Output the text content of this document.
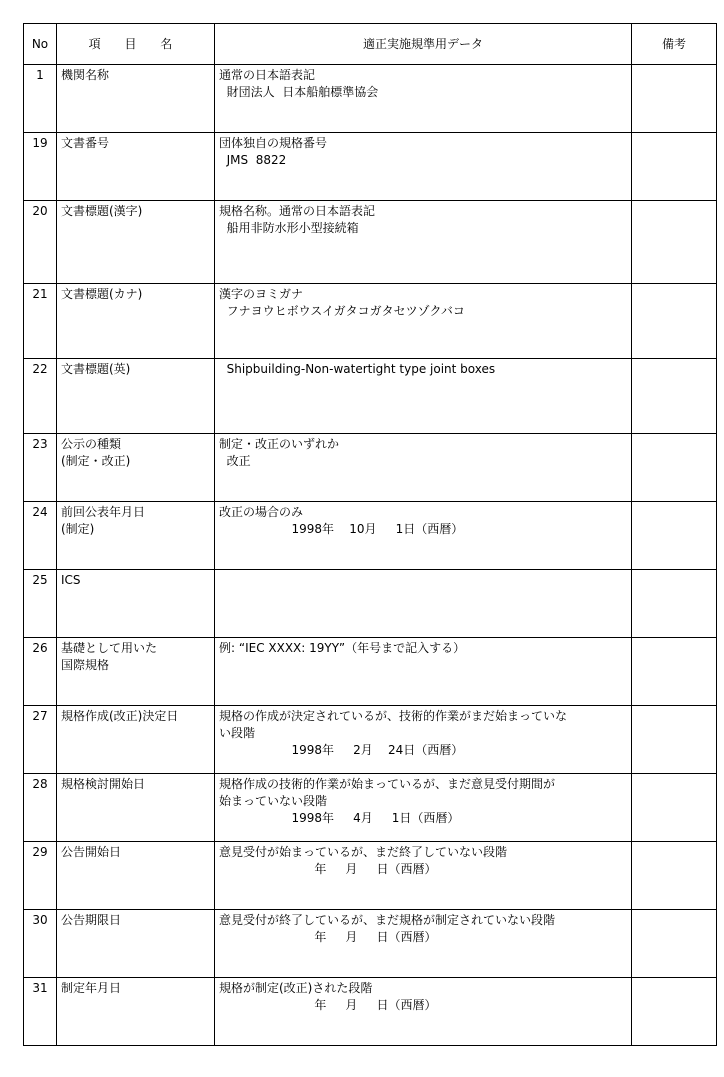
No	項 目 名	適正実施規準用データ	備考
1	機関名称	通常の日本語表記
財団法人  日本船舶標準協会	

19	文書番号	団体独自の規格番号
JMS  8822	

20	文書標題(漢字)	規格名称。通常の日本語表記
船用非防水形小型接続箱	

21	文書標題(カナ)	漢字のヨミガナ
フナヨウヒボウスイガタコガタセツゾクバコ	

22	文書標題(英)	Shipbuilding-Non-watertight type joint boxes	

23	公示の種類
(制定・改正)	制定・改正のいずれか
改正	

24	前回公表年月日
(制定)	改正の場合のみ
1998年    10月     1日（西暦）	

25	ICS		

26	基礎として用いた
国際規格	例: “IEC XXXX: 19YY”（年号まで記入する）	

27	規格作成(改正)決定日	規格の作成が決定されているが、技術的作業がまだ始まっていな
い段階
1998年     2月    24日（西暦）	

28	規格検討開始日	規格作成の技術的作業が始まっているが、まだ意見受付期間が
始まっていない段階
1998年     4月     1日（西暦）	

29	公告開始日	意見受付が始まっているが、まだ終了していない段階
年     月     日（西暦）	

30	公告期限日	意見受付が終了しているが、まだ規格が制定されていない段階
年     月     日（西暦）	

31	制定年月日	規格が制定(改正)された段階
年     月     日（西暦）	
